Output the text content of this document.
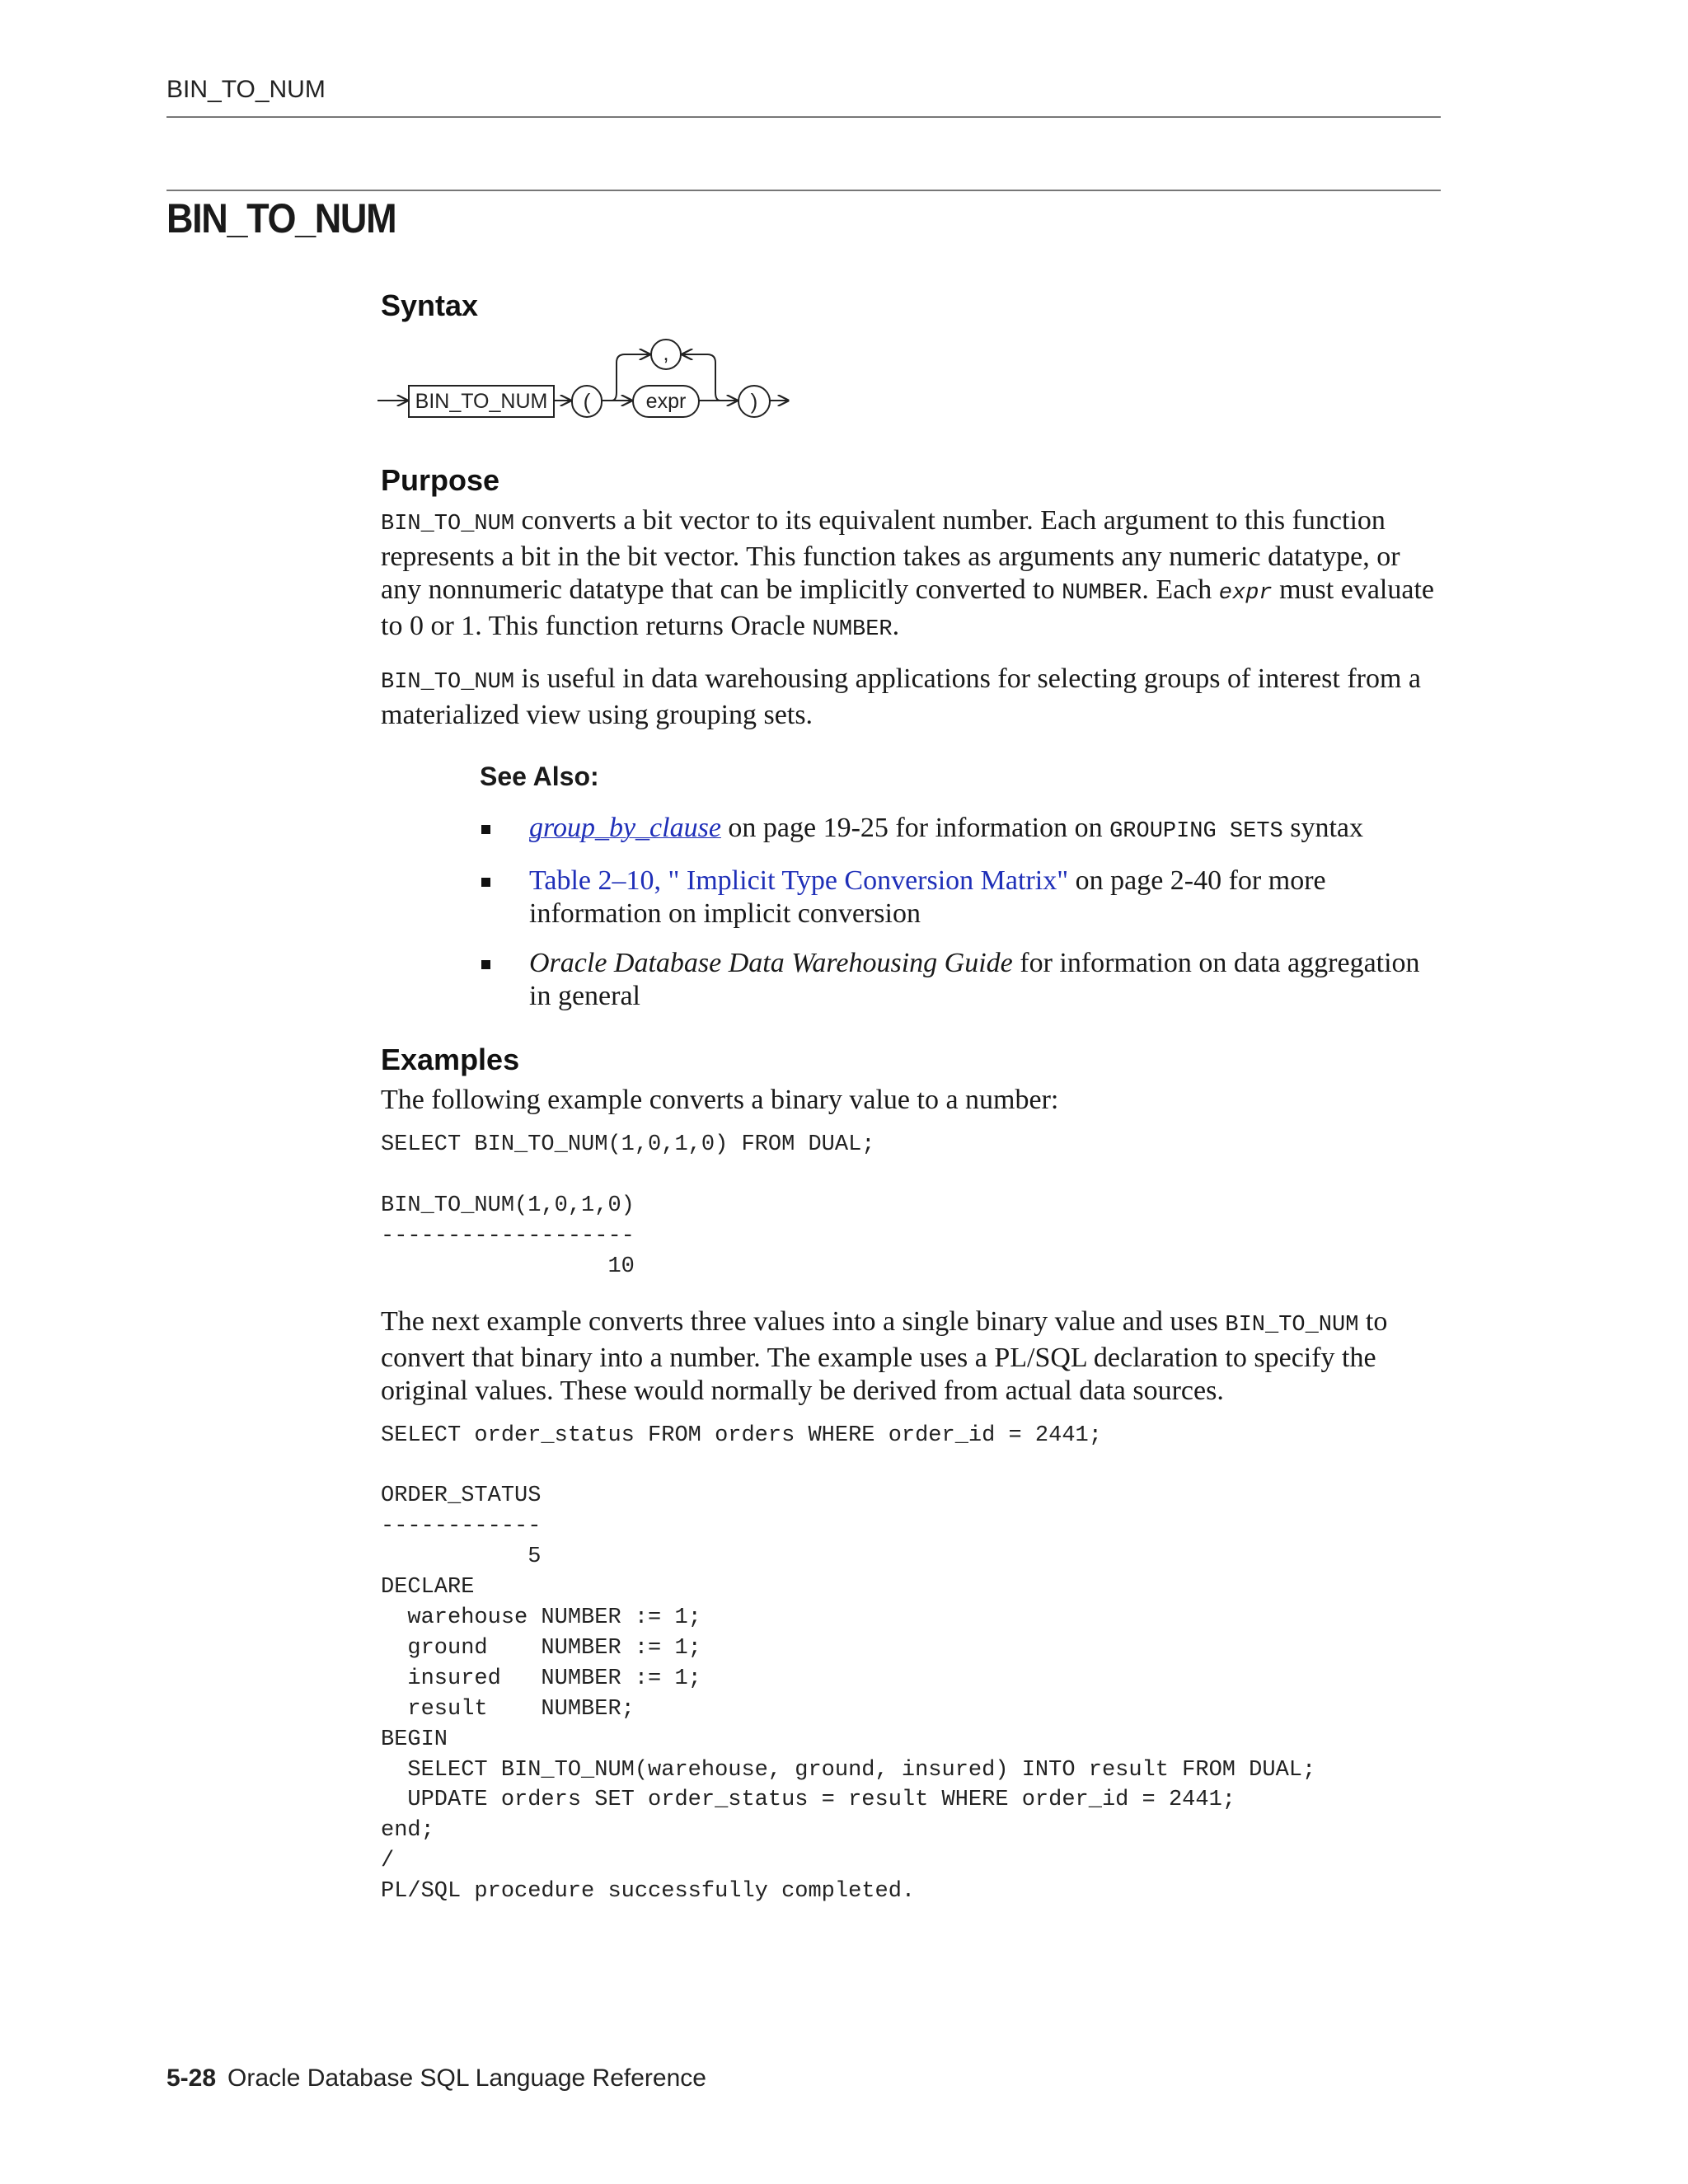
BIN_TO_NUM
BIN_TO_NUM
Syntax
BIN_TO_NUM (	expr
,
)
Purpose

BIN_TO_NUM converts a bit vector to its equivalent number. Each argument to this function represents a bit in the bit vector. This function takes as arguments any numeric datatype, or any nonnumeric datatype that can be implicitly converted to NUMBER. Each expr must evaluate to 0 or 1. This function returns Oracle NUMBER.

BIN_TO_NUM is useful in data warehousing applications for selecting groups of interest from a materialized view using grouping sets.

See Also:
group_by_clause on page 19-25 for information on GROUPING SETS syntax
Table 2–10, " Implicit Type Conversion Matrix" on page 2-40 for more information on implicit conversion
Oracle Database Data Warehousing Guide for information on data aggregation in general
Examples

The following example converts a binary value to a number:

SELECT BIN_TO_NUM(1,0,1,0) FROM DUAL;

BIN_TO_NUM(1,0,1,0)
-------------------
10

The next example converts three values into a single binary value and uses BIN_TO_NUM to convert that binary into a number. The example uses a PL/SQL declaration to specify the original values. These would normally be derived from actual data sources.

SELECT order_status FROM orders WHERE order_id = 2441;

ORDER_STATUS
------------
5
DECLARE
warehouse NUMBER := 1;
ground    NUMBER := 1;
insured   NUMBER := 1;
result    NUMBER;
BEGIN
SELECT BIN_TO_NUM(warehouse, ground, insured) INTO result FROM DUAL;
UPDATE orders SET order_status = result WHERE order_id = 2441;
end;
/
PL/SQL procedure successfully completed.
5-28 Oracle Database SQL Language Reference
